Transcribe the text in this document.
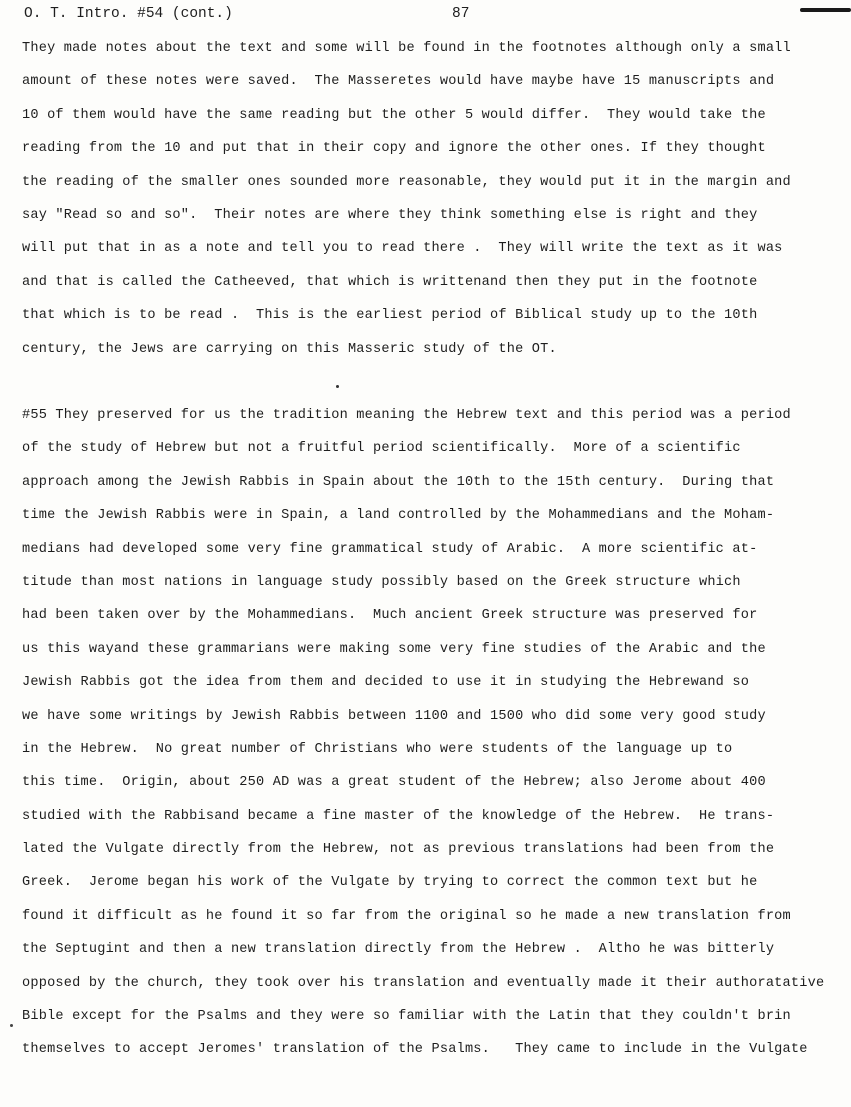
O. T. Intro. #54 (cont.)	87
They made notes about the text and some will be found in the footnotes although only a small
amount of these notes were saved.  The Masseretes would have maybe have 15 manuscripts and
10 of them would have the same reading but the other 5 would differ.  They would take the
reading from the 10 and put that in their copy and ignore the other ones. If they thought
the reading of the smaller ones sounded more reasonable, they would put it in the margin and
say "Read so and so".  Their notes are where they think something else is right and they
will put that in as a note and tell you to read there .  They will write the text as it was
and that is called the Catheeved, that which is writtenand then they put in the footnote
that which is to be read .  This is the earliest period of Biblical study up to the 10th
century, the Jews are carrying on this Masseric study of the OT.
#55 They preserved for us the tradition meaning the Hebrew text and this period was a period
of the study of Hebrew but not a fruitful period scientifically.  More of a scientific
approach among the Jewish Rabbis in Spain about the 10th to the 15th century.  During that
time the Jewish Rabbis were in Spain, a land controlled by the Mohammedians and the Moham-
medians had developed some very fine grammatical study of Arabic.  A more scientific at-
titude than most nations in language study possibly based on the Greek structure which
had been taken over by the Mohammedians.  Much ancient Greek structure was preserved for
us this wayand these grammarians were making some very fine studies of the Arabic and the
Jewish Rabbis got the idea from them and decided to use it in studying the Hebrewand so
we have some writings by Jewish Rabbis between 1100 and 1500 who did some very good study
in the Hebrew.  No great number of Christians who were students of the language up to
this time.  Origin, about 250 AD was a great student of the Hebrew; also Jerome about 400
studied with the Rabbisand became a fine master of the knowledge of the Hebrew.  He trans-
lated the Vulgate directly from the Hebrew, not as previous translations had been from the
Greek.  Jerome began his work of the Vulgate by trying to correct the common text but he
found it difficult as he found it so far from the original so he made a new translation from
the Septugint and then a new translation directly from the Hebrew .  Altho he was bitterly
opposed by the church, they took over his translation and eventually made it their authoratative
Bible except for the Psalms and they were so familiar with the Latin that they couldn't brin
themselves to accept Jeromes' translation of the Psalms.   They came to include in the Vulgate
